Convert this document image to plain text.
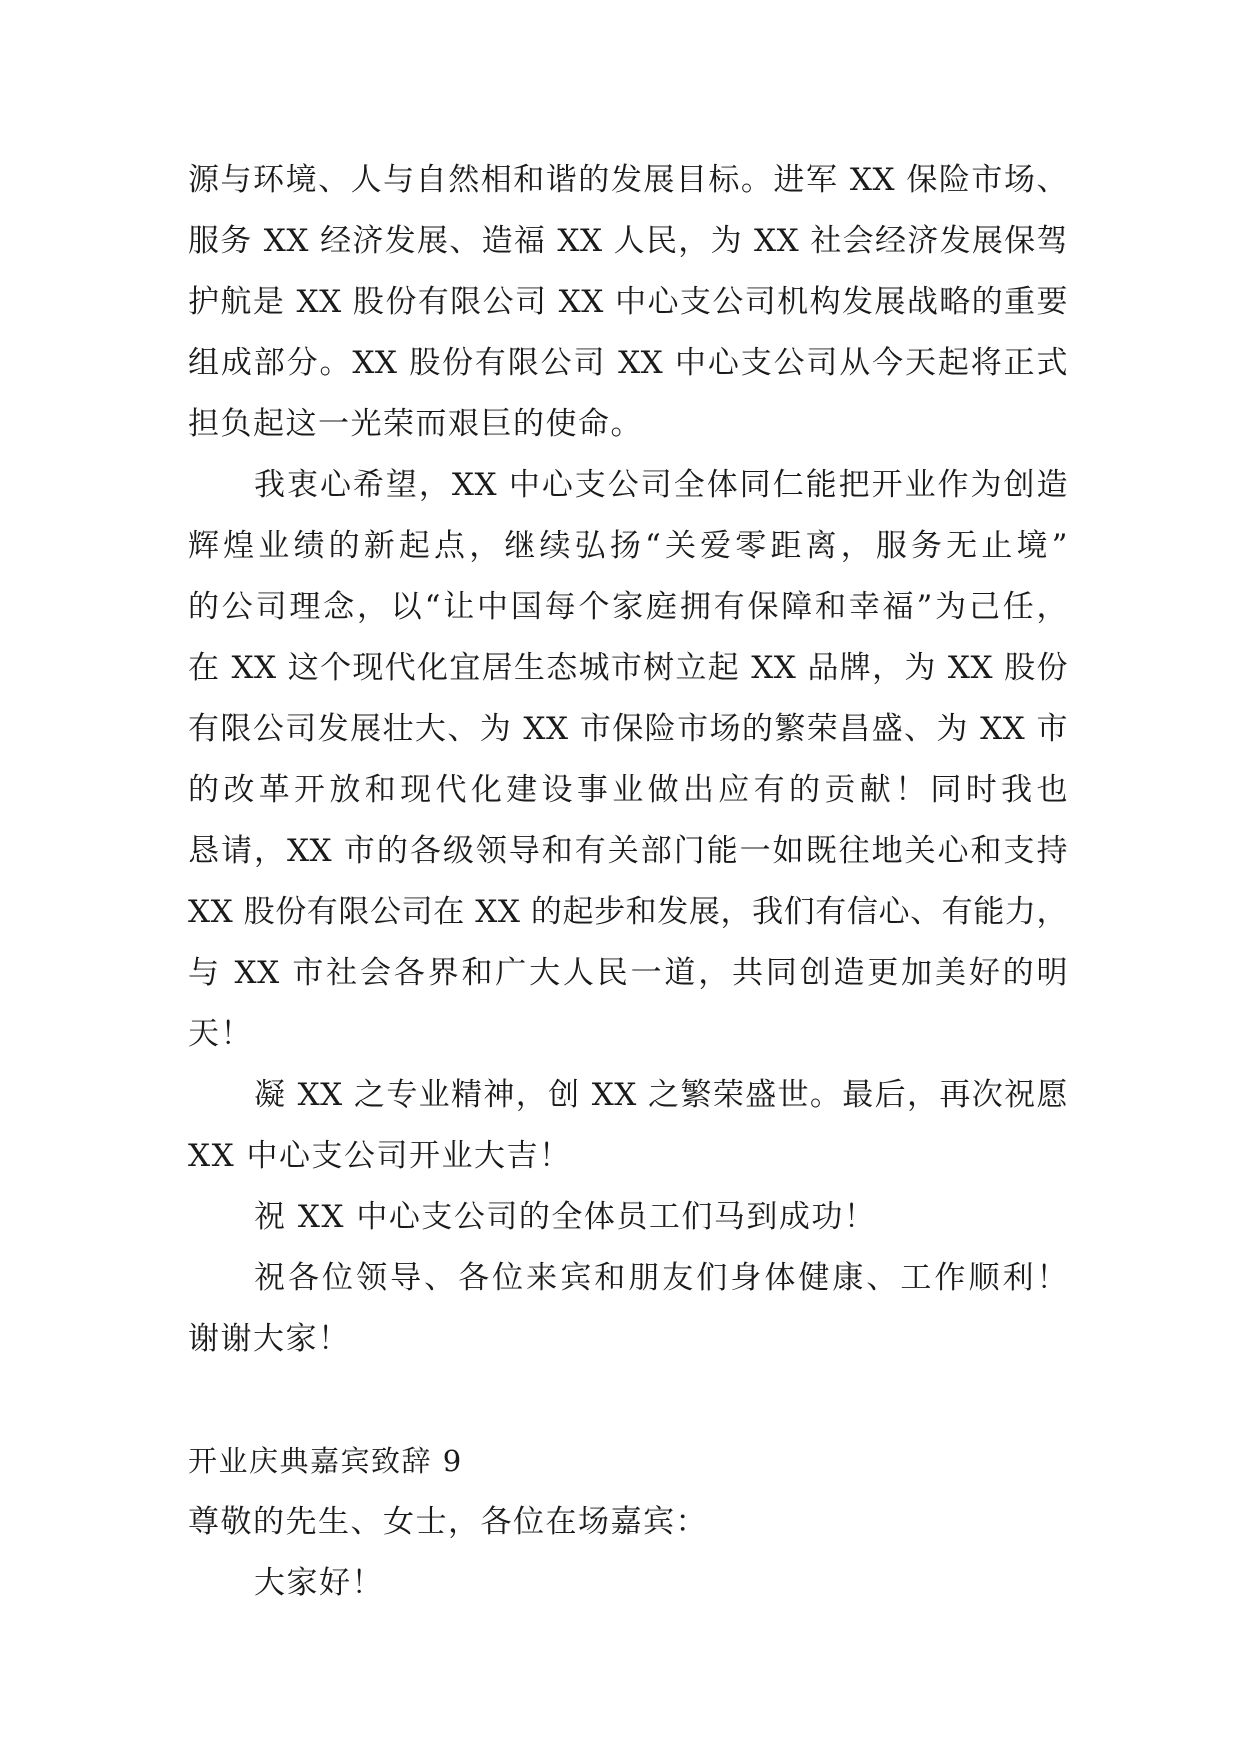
源与环境、人与自然相和谐的发展目标。进军 XX 保险市场、
服务 XX 经济发展、造福 XX 人民，为 XX 社会经济发展保驾
护航是 XX 股份有限公司 XX 中心支公司机构发展战略的重要
组成部分。XX 股份有限公司 XX 中心支公司从今天起将正式
担负起这一光荣而艰巨的使命。
我衷心希望，XX 中心支公司全体同仁能把开业作为创造
辉煌业绩的新起点，继续弘扬“关爱零距离，服务无止境”
的公司理念，以“让中国每个家庭拥有保障和幸福”为己任，
在 XX 这个现代化宜居生态城市树立起 XX 品牌，为 XX 股份
有限公司发展壮大、为 XX 市保险市场的繁荣昌盛、为 XX 市
的改革开放和现代化建设事业做出应有的贡献！同时我也
恳请，XX 市的各级领导和有关部门能一如既往地关心和支持
XX 股份有限公司在 XX 的起步和发展，我们有信心、有能力，
与 XX 市社会各界和广大人民一道，共同创造更加美好的明
天！
凝 XX 之专业精神，创 XX 之繁荣盛世。最后，再次祝愿
XX 中心支公司开业大吉！
祝 XX 中心支公司的全体员工们马到成功！
祝各位领导、各位来宾和朋友们身体健康、工作顺利！
谢谢大家！
开业庆典嘉宾致辞 9
尊敬的先生、女士，各位在场嘉宾：
大家好！
